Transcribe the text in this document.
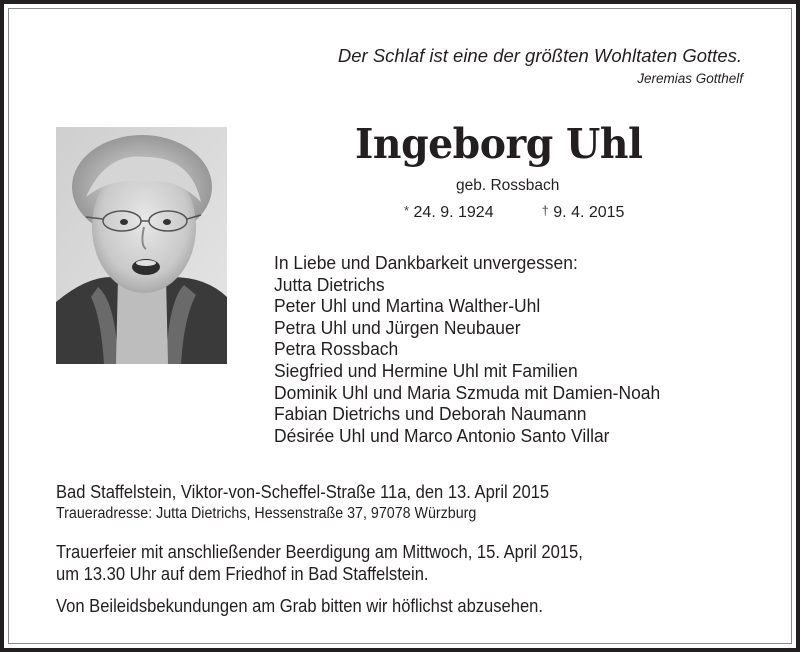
Der Schlaf ist eine der größten Wohltaten Gottes.
Jeremias Gotthelf
Ingeborg Uhl
geb. Rossbach
* 24. 9. 1924	† 9. 4. 2015
In Liebe und Dankbarkeit unvergessen:
Jutta Dietrichs
Peter Uhl und Martina Walther-Uhl
Petra Uhl und Jürgen Neubauer
Petra Rossbach
Siegfried und Hermine Uhl mit Familien
Dominik Uhl und Maria Szmuda mit Damien-Noah
Fabian Dietrichs und Deborah Naumann
Désirée Uhl und Marco Antonio Santo Villar
Bad Staffelstein, Viktor-von-Scheffel-Straße 11a, den 13. April 2015
Traueradresse: Jutta Dietrichs, Hessenstraße 37, 97078 Würzburg
Trauerfeier mit anschließender Beerdigung am Mittwoch, 15. April 2015,
um 13.30 Uhr auf dem Friedhof in Bad Staffelstein.
Von Beileidsbekundungen am Grab bitten wir höflichst abzusehen.
